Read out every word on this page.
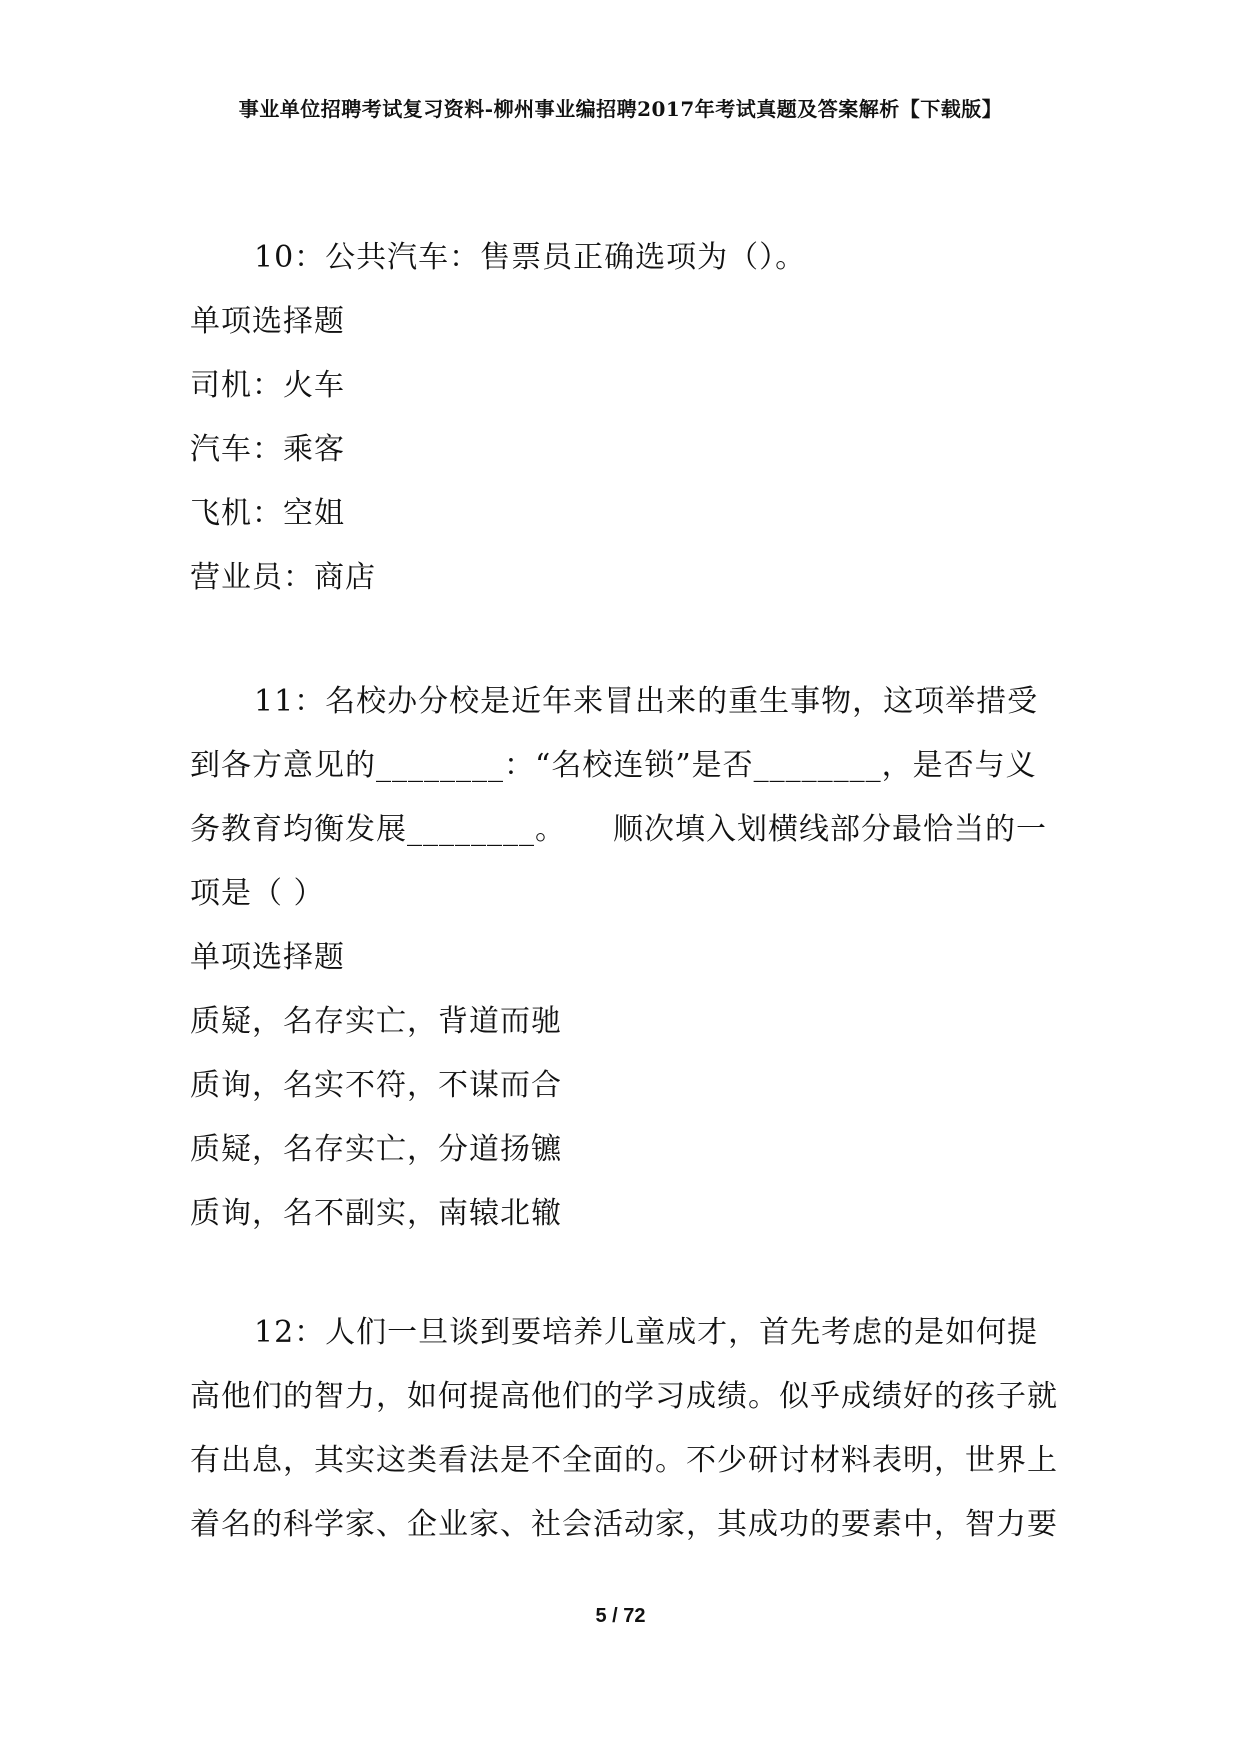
事业单位招聘考试复习资料-柳州事业编招聘2017年考试真题及答案解析【下载版】

10：公共汽车：售票员正确选项为（）。

单项选择题

司机：火车

汽车：乘客

飞机：空姐

营业员：商店

11：名校办分校是近年来冒出来的重生事物，这项举措受到各方意见的________：“名校连锁”是否________，是否与义务教育均衡发展________。　　顺次填入划横线部分最恰当的一项是（ ）

单项选择题

质疑，名存实亡，背道而驰

质询，名实不符，不谋而合

质疑，名存实亡，分道扬镳

质询，名不副实，南辕北辙

12：人们一旦谈到要培养儿童成才，首先考虑的是如何提高他们的智力，如何提高他们的学习成绩。似乎成绩好的孩子就有出息，其实这类看法是不全面的。不少研讨材料表明，世界上着名的科学家、企业家、社会活动家，其成功的要素中，智力要

5 / 72
